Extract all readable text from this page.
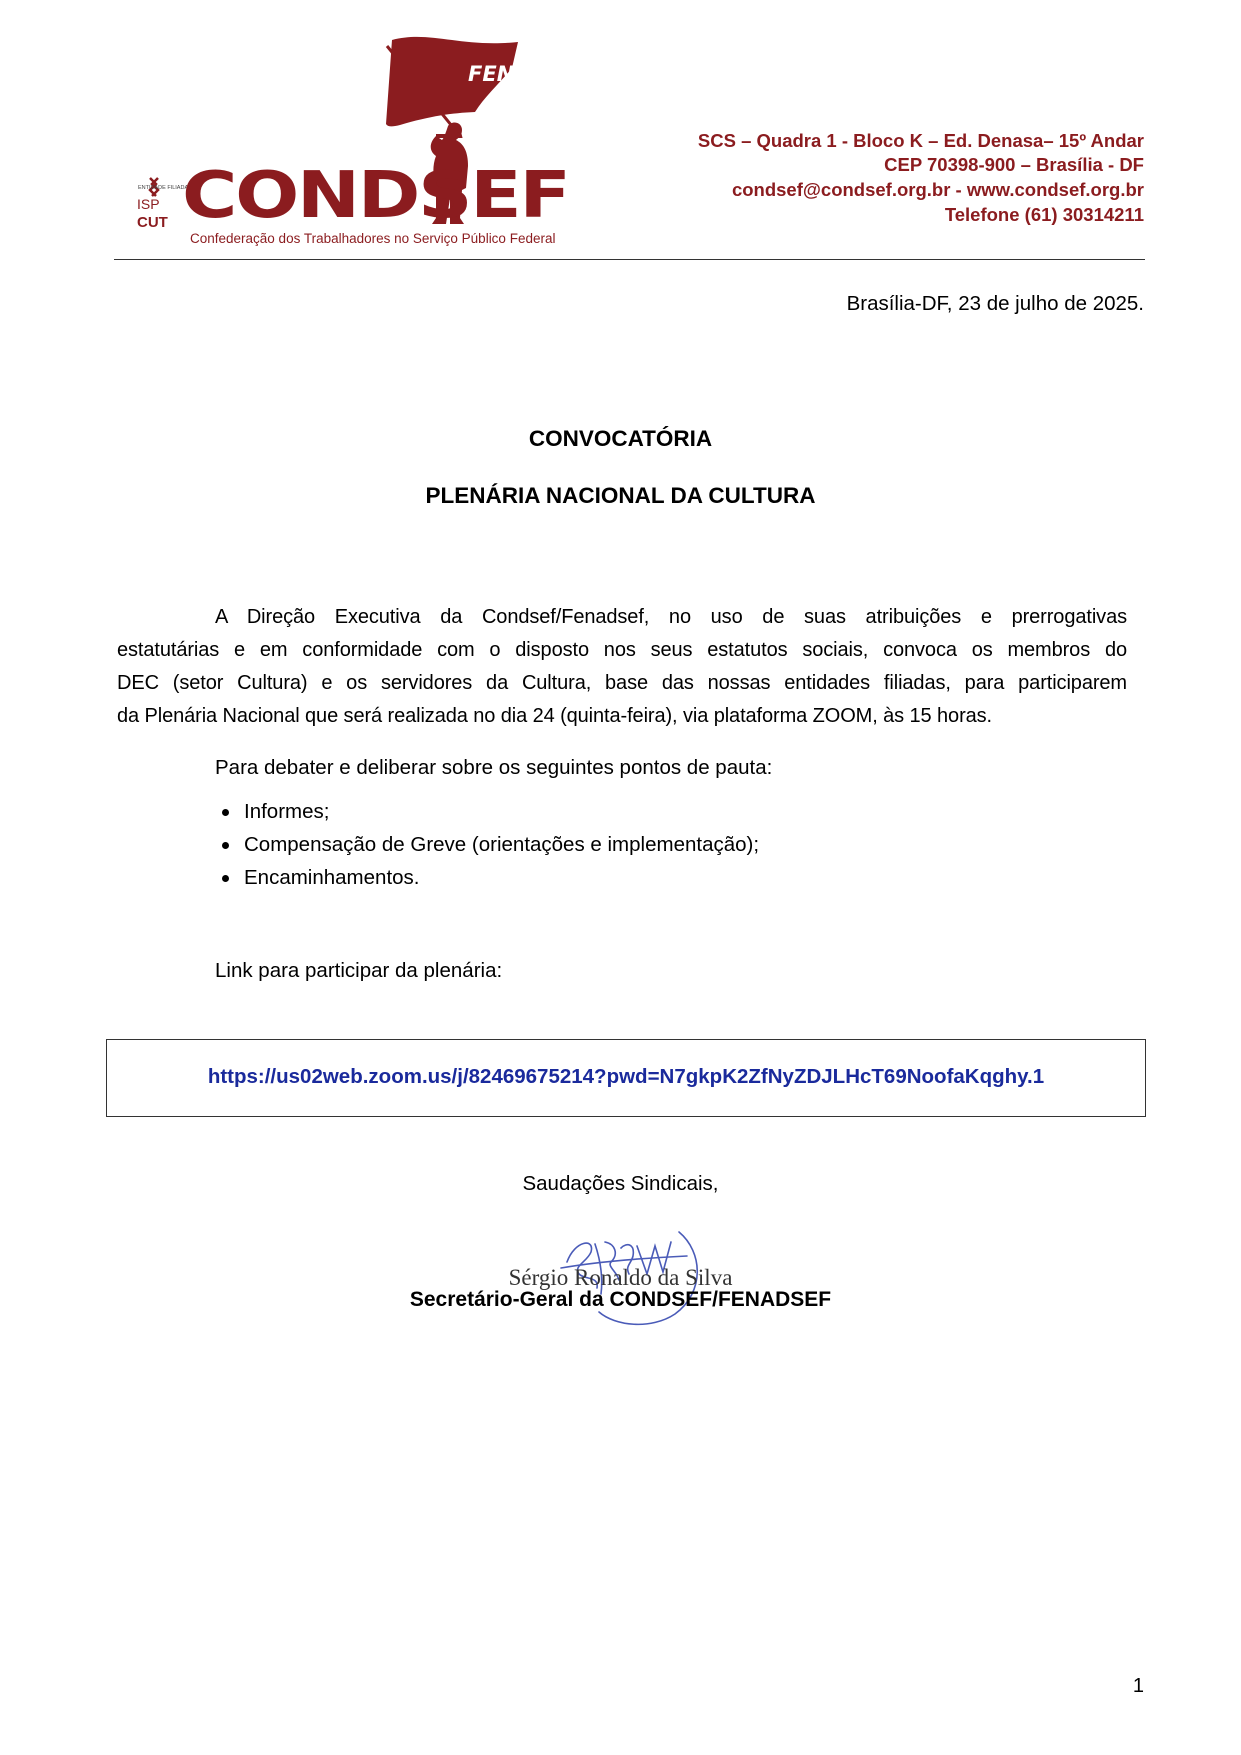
FENADSEF
ENTIDADE FILIADA
ISP
CUT CONDSEF
Confederação dos Trabalhadores no Serviço Público Federal
SCS – Quadra 1 - Bloco K – Ed. Denasa– 15º Andar
CEP 70398-900 – Brasília - DF
condsef@condsef.org.br - www.condsef.org.br
Telefone (61) 30314211
Brasília-DF, 23 de julho de 2025.
CONVOCATÓRIA
PLENÁRIA NACIONAL DA CULTURA
A Direção Executiva da Condsef/Fenadsef, no uso de suas atribuições e prerrogativas
estatutárias e em conformidade com o disposto nos seus estatutos sociais, convoca os membros do
DEC (setor Cultura) e os servidores da Cultura, base das nossas entidades filiadas, para participarem
da Plenária Nacional que será realizada no dia 24 (quinta-feira), via plataforma ZOOM, às 15 horas.
Para debater e deliberar sobre os seguintes pontos de pauta:
Informes;
Compensação de Greve (orientações e implementação);
Encaminhamentos.
Link para participar da plenária:
https://us02web.zoom.us/j/82469675214?pwd=N7gkpK2ZfNyZDJLHcT69NoofaKqghy.1
Saudações Sindicais,
Sérgio Ronaldo da Silva
Secretário-Geral da CONDSEF/FENADSEF
1
